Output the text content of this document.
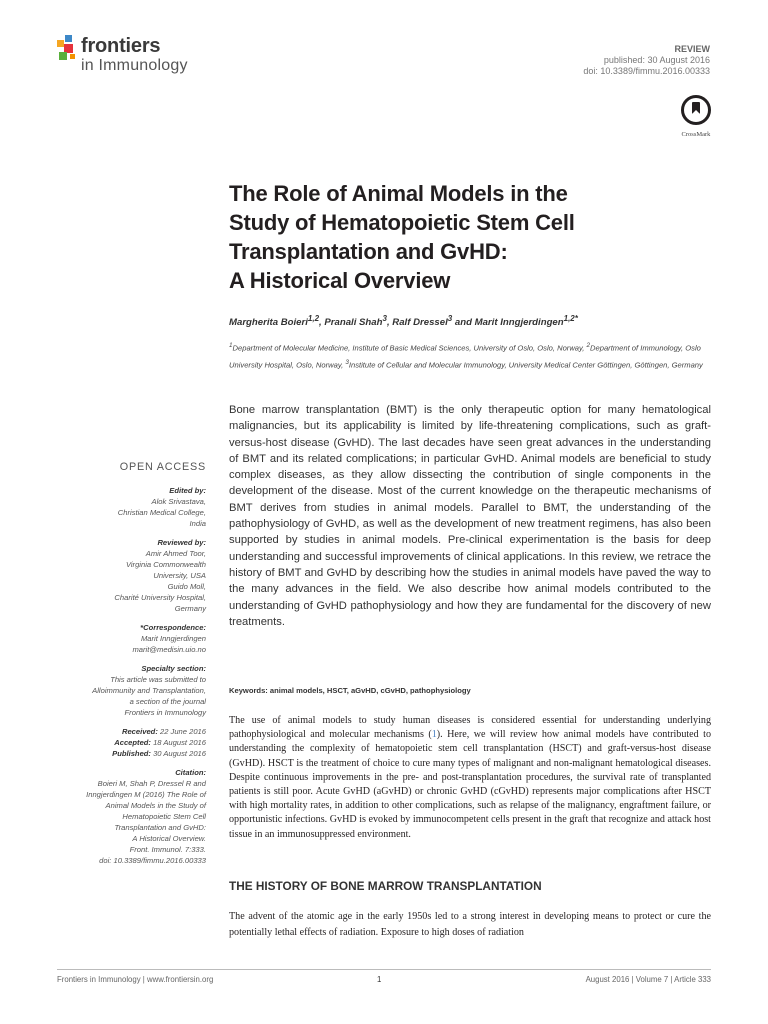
frontiers
in Immunology
REVIEW
published: 30 August 2016
doi: 10.3389/fimmu.2016.00333
CrossMark
The Role of Animal Models in the
Study of Hematopoietic Stem Cell
Transplantation and GvHD:
A Historical Overview
Margherita Boieri$^{1,2}$, Pranali Shah$^3$, Ralf Dressel$^3$ and Marit Inngjerdingen$^{1,2*}$
$^1$Department of Molecular Medicine, Institute of Basic Medical Sciences, University of Oslo, Oslo, Norway, $^2$Department of Immunology, Oslo University Hospital, Oslo, Norway, $^3$Institute of Cellular and Molecular Immunology, University Medical Center Göttingen, Göttingen, Germany

Bone marrow transplantation (BMT) is the only therapeutic option for many hematological malignancies, but its applicability is limited by life-threatening complications, such as graft-versus-host disease (GvHD). The last decades have seen great advances in the understanding of BMT and its related complications; in particular GvHD. Animal models are beneficial to study complex diseases, as they allow dissecting the contribution of single components in the development of the disease. Most of the current knowledge on the therapeutic mechanisms of BMT derives from studies in animal models. Parallel to BMT, the understanding of the pathophysiology of GvHD, as well as the development of new treatment regimens, has also been supported by studies in animal models. Pre-clinical experimentation is the basis for deep understanding and successful improvements of clinical applications. In this review, we retrace the history of BMT and GvHD by describing how the studies in animal models have paved the way to the many advances in the field. We also describe how animal models contributed to the understanding of GvHD pathophysiology and how they are fundamental for the discovery of new treatments.

Keywords: animal models, HSCT, aGvHD, cGvHD, pathophysiology

The use of animal models to study human diseases is considered essential for understanding underlying pathophysiological and molecular mechanisms (1). Here, we will review how animal models have contributed to understanding the complexity of hematopoietic stem cell transplantation (HSCT) and graft-versus-host disease (GvHD). HSCT is the treatment of choice to cure many types of malignant and non-malignant hematological diseases. Despite continuous improvements in the pre- and post-transplantation procedures, the survival rate of transplanted patients is still poor. Acute GvHD (aGvHD) or chronic GvHD (cGvHD) represents major complications after HSCT with high mortality rates, in addition to other complications, such as relapse of the malignancy, engraftment failure, or opportunistic infections. GvHD is evoked by immunocompetent cells present in the graft that recognize and attack host tissue in an immunosuppressed environment.

THE HISTORY OF BONE MARROW TRANSPLANTATION

The advent of the atomic age in the early 1950s led to a strong interest in developing means to protect or cure the potentially lethal effects of radiation. Exposure to high doses of radiation

OPEN ACCESS
Edited by:
Alok Srivastava,
Christian Medical College,
India
Reviewed by:
Amir Ahmed Toor,
Virginia Commonwealth
University, USA
Guido Moll,
Charité University Hospital,
Germany
*Correspondence:
Marit Inngjerdingen
marit@medisin.uio.no
Specialty section:
This article was submitted to
Alloimmunity and Transplantation,
a section of the journal
Frontiers in Immunology
Received: 22 June 2016
Accepted: 18 August 2016
Published: 30 August 2016
Citation:
Boieri M, Shah P, Dressel R and
Inngjerdingen M (2016) The Role of
Animal Models in the Study of
Hematopoietic Stem Cell
Transplantation and GvHD:
A Historical Overview.
Front. Immunol. 7:333.
doi: 10.3389/fimmu.2016.00333
Frontiers in Immunology | www.frontiersin.org	1	August 2016 | Volume 7 | Article 333
